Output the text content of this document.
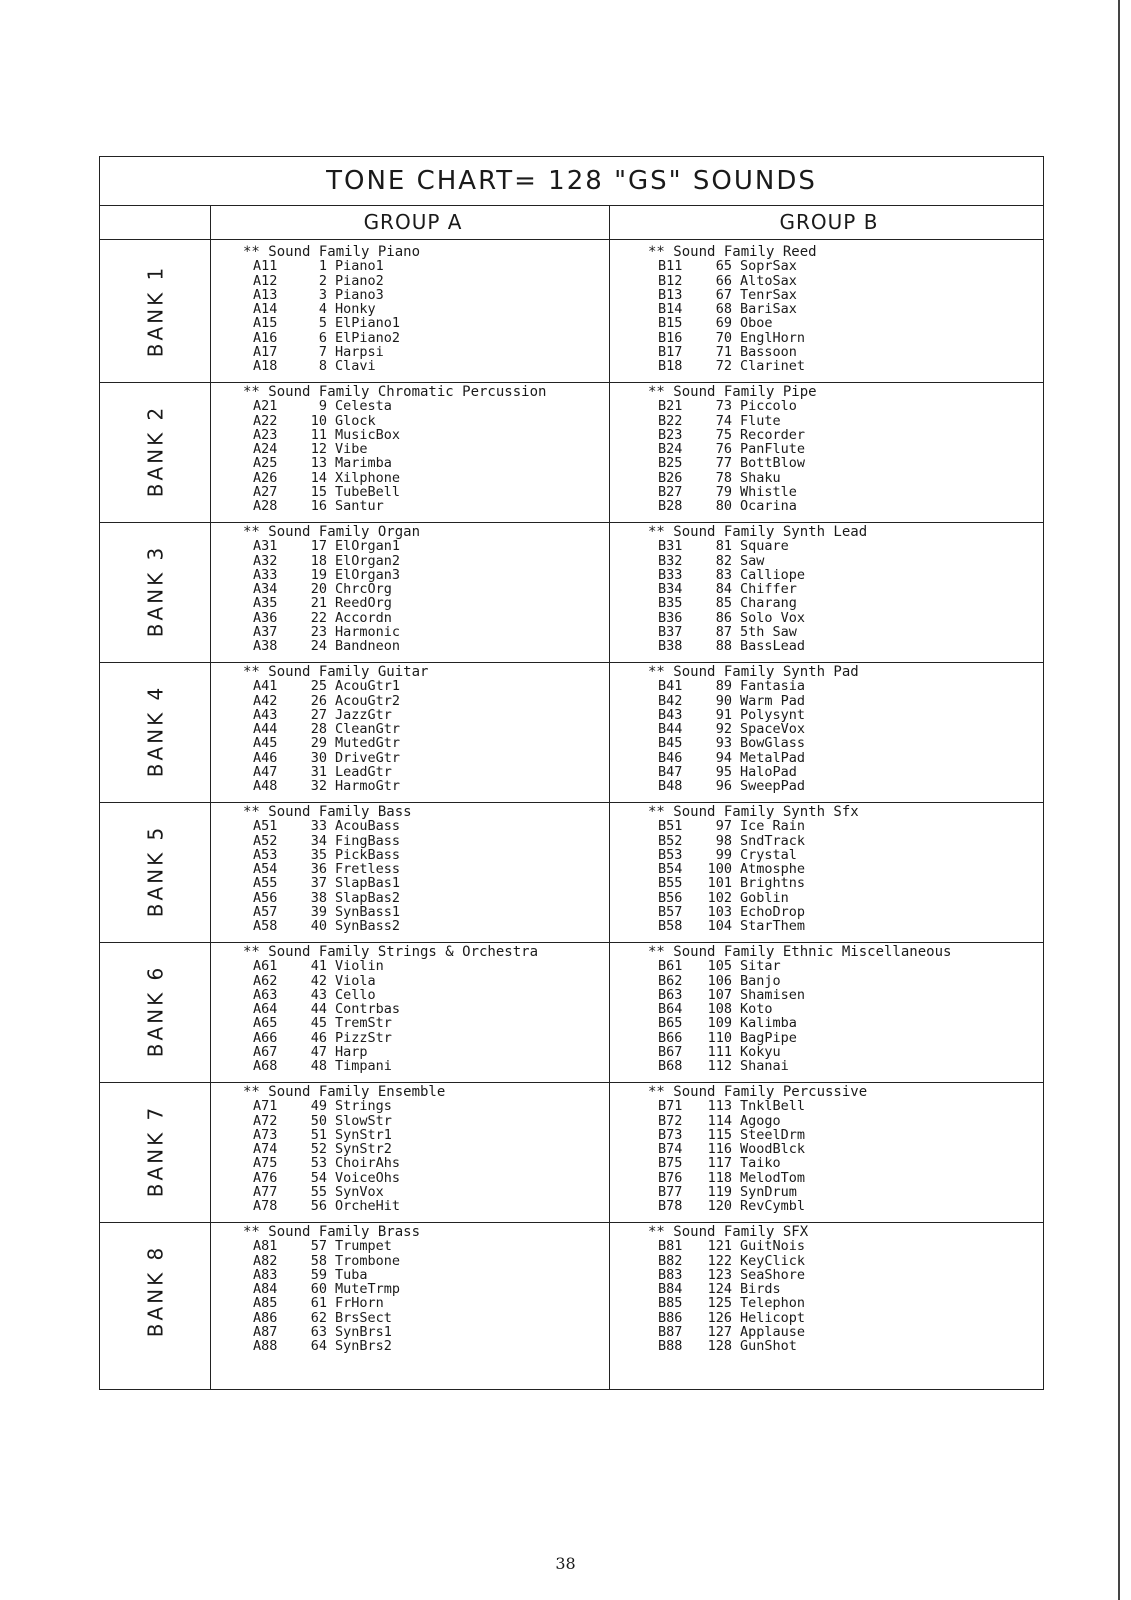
TONE CHART= 128 "GS" SOUNDS
GROUP A	GROUP B
BANK 1
** Sound Family Piano
A11	1 Piano1
A12	2 Piano2
A13	3 Piano3
A14	4 Honky
A15	5 ElPiano1
A16	6 ElPiano2
A17	7 Harpsi
A18	8 Clavi
** Sound Family Reed
B11 65 SoprSax
B12 66 AltoSax
B13 67 TenrSax
B14 68 BariSax
B15 69 Oboe
B16 70 EnglHorn
B17 71 Bassoon
B18 72 Clarinet
BANK 2
** Sound Family Chromatic Percussion
A21	9 Celesta
A22 10 Glock
A23 11 MusicBox
A24 12 Vibe
A25 13 Marimba
A26 14 Xilphone
A27 15 TubeBell
A28 16 Santur
** Sound Family Pipe
B21 73 Piccolo
B22 74 Flute
B23 75 Recorder
B24 76 PanFlute
B25 77 BottBlow
B26 78 Shaku
B27 79 Whistle
B28 80 Ocarina
BANK 3
** Sound Family Organ
A31 17 ElOrgan1
A32 18 ElOrgan2
A33 19 ElOrgan3
A34 20 ChrcOrg
A35 21 ReedOrg
A36 22 Accordn
A37 23 Harmonic
A38 24 Bandneon
** Sound Family Synth Lead
B31 81 Square
B32 82 Saw
B33 83 Calliope
B34 84 Chiffer
B35 85 Charang
B36 86 Solo Vox
B37 87 5th Saw
B38 88 BassLead
BANK 4
** Sound Family Guitar
A41 25 AcouGtr1
A42 26 AcouGtr2
A43 27 JazzGtr
A44 28 CleanGtr
A45 29 MutedGtr
A46 30 DriveGtr
A47 31 LeadGtr
A48 32 HarmoGtr
** Sound Family Synth Pad
B41 89 Fantasia
B42 90 Warm Pad
B43 91 Polysynt
B44 92 SpaceVox
B45 93 BowGlass
B46 94 MetalPad
B47 95 HaloPad
B48 96 SweepPad
BANK 5
** Sound Family Bass
A51 33 AcouBass
A52 34 FingBass
A53 35 PickBass
A54 36 Fretless
A55 37 SlapBas1
A56 38 SlapBas2
A57 39 SynBass1
A58 40 SynBass2
** Sound Family Synth Sfx
B51 97 Ice Rain
B52 98 SndTrack
B53 99 Crystal
B54 100 Atmosphe
B55 101 Brightns
B56 102 Goblin
B57 103 EchoDrop
B58 104 StarThem
BANK 6
** Sound Family Strings & Orchestra
A61 41 Violin
A62 42 Viola
A63 43 Cello
A64 44 Contrbas
A65 45 TremStr
A66 46 PizzStr
A67 47 Harp
A68 48 Timpani
** Sound Family Ethnic Miscellaneous
B61 105 Sitar
B62 106 Banjo
B63 107 Shamisen
B64 108 Koto
B65 109 Kalimba
B66 110 BagPipe
B67 111 Kokyu
B68 112 Shanai
BANK 7
** Sound Family Ensemble
A71 49 Strings
A72 50 SlowStr
A73 51 SynStr1
A74 52 SynStr2
A75 53 ChoirAhs
A76 54 VoiceOhs
A77 55 SynVox
A78 56 OrcheHit
** Sound Family Percussive
B71 113 TnklBell
B72 114 Agogo
B73 115 SteelDrm
B74 116 WoodBlck
B75 117 Taiko
B76 118 MelodTom
B77 119 SynDrum
B78 120 RevCymbl
BANK 8
** Sound Family Brass
A81 57 Trumpet
A82 58 Trombone
A83 59 Tuba
A84 60 MuteTrmp
A85 61 FrHorn
A86 62 BrsSect
A87 63 SynBrs1
A88 64 SynBrs2
** Sound Family SFX
B81 121 GuitNois
B82 122 KeyClick
B83 123 SeaShore
B84 124 Birds
B85 125 Telephon
B86 126 Helicopt
B87 127 Applause
B88 128 GunShot
38
